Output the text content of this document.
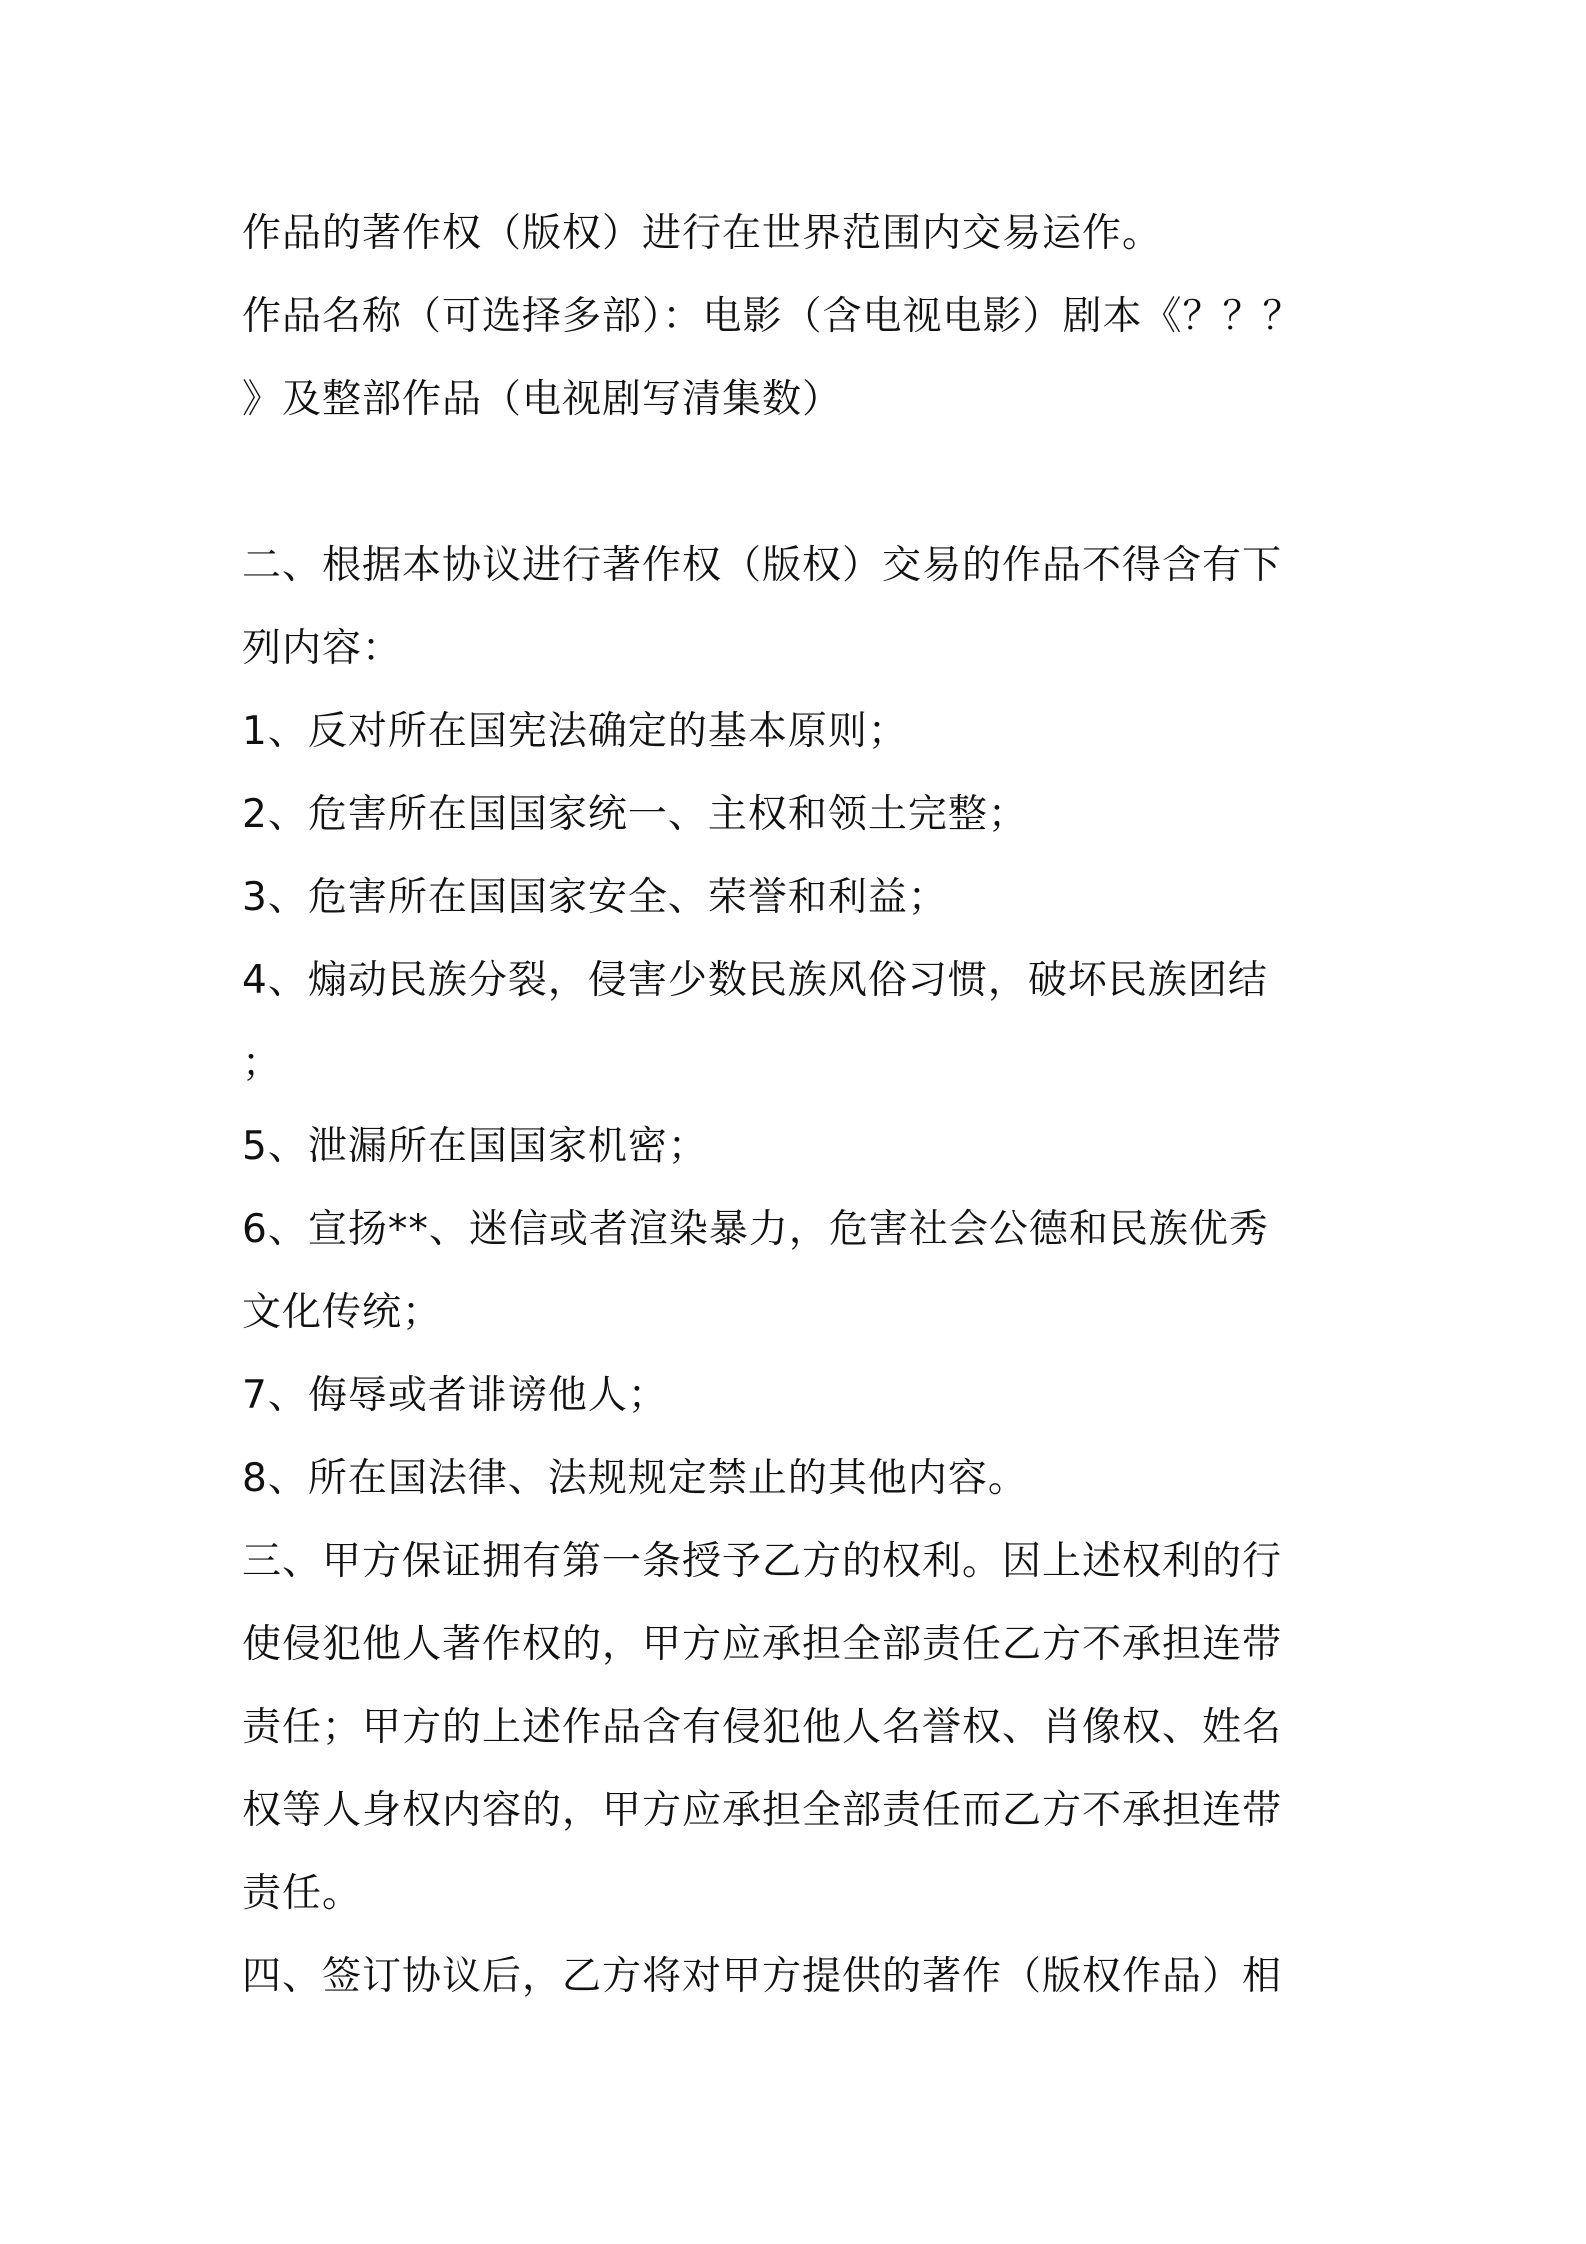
作品的著作权（版权）进行在世界范围内交易运作。
作品名称（可选择多部）：电影（含电视电影）剧本《？？？
》及整部作品（电视剧写清集数）
二、根据本协议进行著作权（版权）交易的作品不得含有下
列内容：
1、反对所在国宪法确定的基本原则；
2、危害所在国国家统一、主权和领土完整；
3、危害所在国国家安全、荣誉和利益；
4、煽动民族分裂，侵害少数民族风俗习惯，破坏民族团结
；
5、泄漏所在国国家机密；
6、宣扬**、迷信或者渲染暴力，危害社会公德和民族优秀
文化传统；
7、侮辱或者诽谤他人；
8、所在国法律、法规规定禁止的其他内容。
三、甲方保证拥有第一条授予乙方的权利。因上述权利的行
使侵犯他人著作权的，甲方应承担全部责任乙方不承担连带
责任；甲方的上述作品含有侵犯他人名誉权、肖像权、姓名
权等人身权内容的，甲方应承担全部责任而乙方不承担连带
责任。
四、签订协议后，乙方将对甲方提供的著作（版权作品）相
